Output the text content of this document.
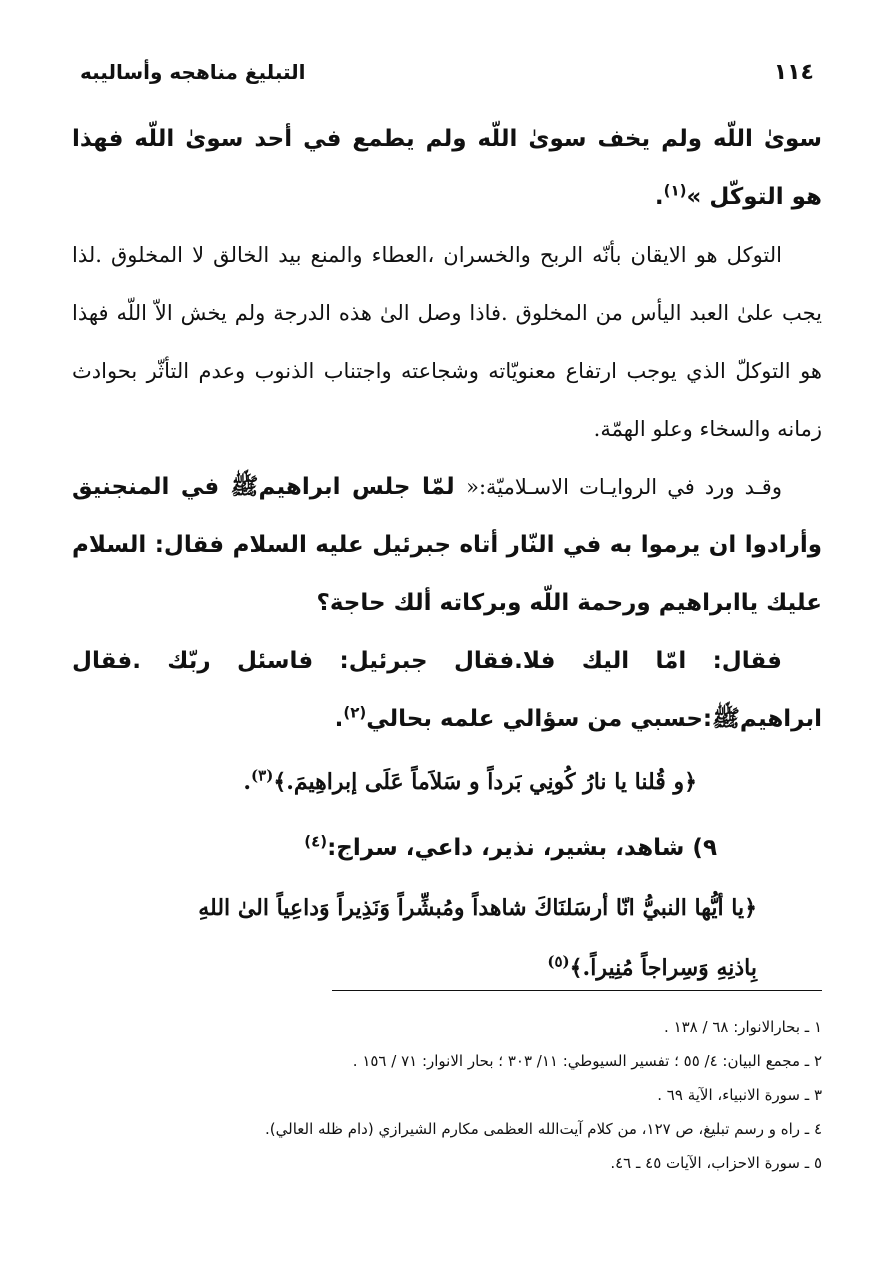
١١٤
التبليغ مناهجه وأساليبه

سوىٰ اللّه ولم يخف سوىٰ اللّه ولم يطمع في أحد سوىٰ اللّه فهذا هو التوكّل »$^{(١)}$.

التوكل هو الايقان بأنّه الربح والخسران ،العطاء والمنع بيد الخالق لا المخلوق .لذا يجب علىٰ العبد اليأس من المخلوق .فاذا وصل الىٰ هذه الدرجة ولم يخش الاّ اللّه فهذا هو التوكلّ الذي يوجب ارتفاع معنويّاته وشجاعته واجتناب الذنوب وعدم التأثّر بحوادث زمانه والسخاء وعلو الهمّة.

وقـد ورد في الروايـات الاسـلاميّة:« لمّا جلس ابراهيمﷺ في المنجنيق وأرادوا ان يرموا به في النّار أتاه جبرئيل عليه السلام فقال: السلام عليك ياابراهيم ورحمة اللّه وبركاته ألك حاجة؟

فقال: امّا اليك فلا.فقال جبرئيل: فاسئل ربّك .فقال ابراهيمﷺ:حسبي من سؤالي علمه بحالي$^{(٢)}$.

﴿و قُلنا يا نارُ كُونِي بَرداً و سَلاَماً عَلَى إبراهِيمَ.﴾$^{(٣)}$.

٩) شاهد، بشير، نذير، داعي، سراج:$^{(٤)}$

﴿يا أيُّها النبيُّ انّا أرسَلنَاكَ شاهداً ومُبشِّراً وَنَذِيراً وَداعِياً الىٰ اللهِ

بِاذنِهِ وَسِراجاً مُنِيراً.﴾$^{(٥)}$

١ ـ بحارالانوار: ٦٨ / ١٣٨ .
٢ ـ مجمع البيان: ٤/ ٥٥ ؛ تفسير السيوطي: ١١/ ٣٠٣ ؛ بحار الانوار: ٧١ / ١٥٦ .
٣ ـ سورة الانبياء، الآية ٦٩ .
٤ ـ راه و رسم تبليغ، ص ١٢٧، من كلام آيت‌الله العظمى مكارم الشيرازي (دام ظله العالي).
٥ ـ سورة الاحزاب، الآيات ٤٥ ـ ٤٦.
